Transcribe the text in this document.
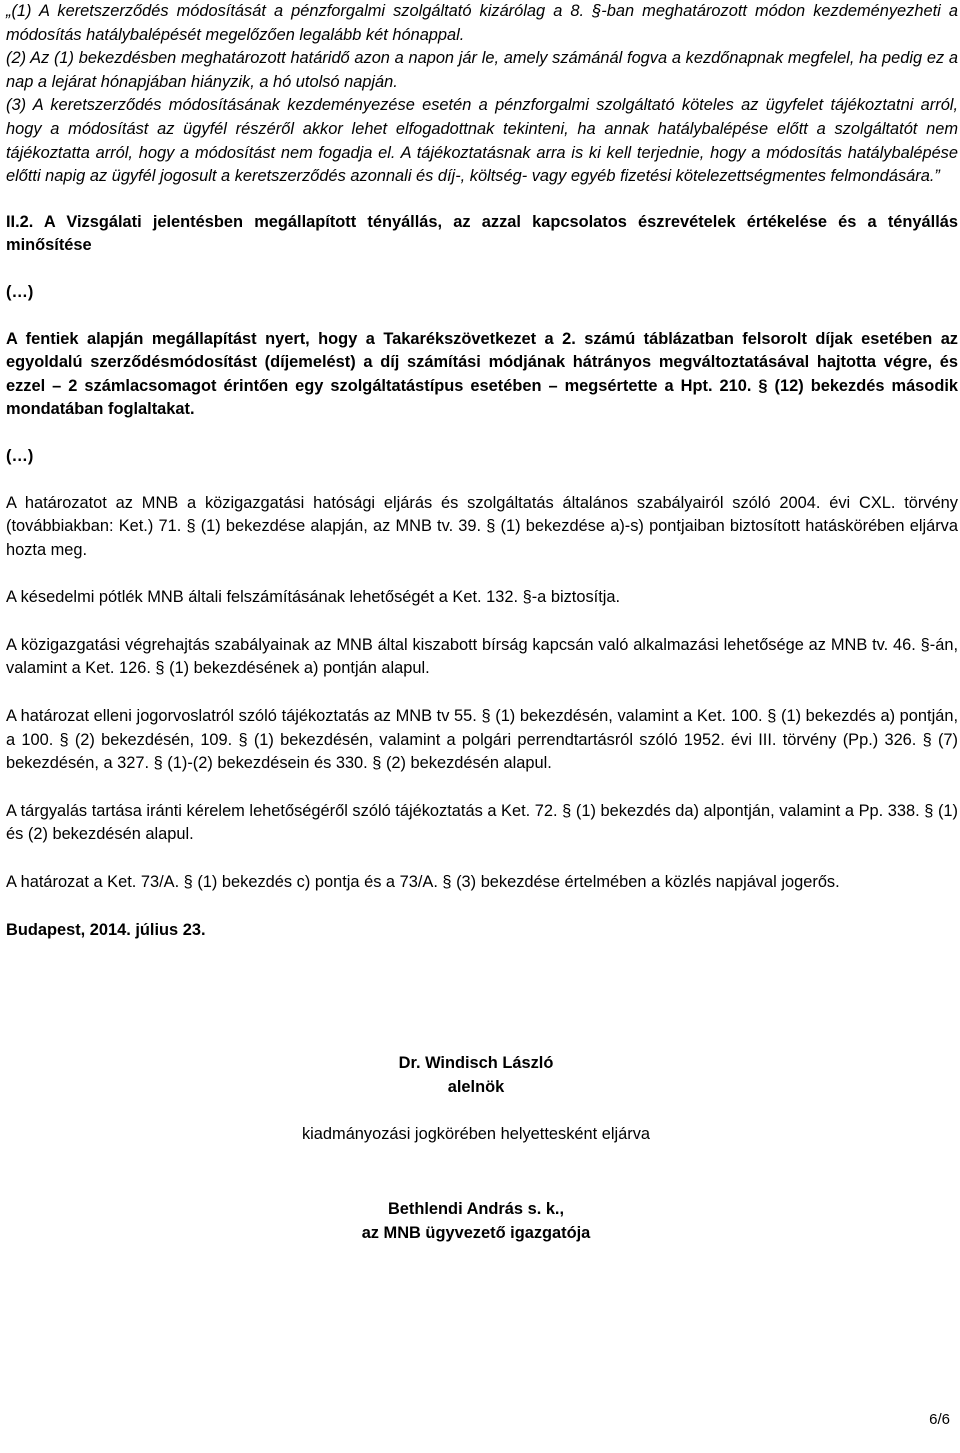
„(1) A keretszerződés módosítását a pénzforgalmi szolgáltató kizárólag a 8. §-ban meghatározott módon kezdeményezheti a módosítás hatálybalépését megelőzően legalább két hónappal.

(2) Az (1) bekezdésben meghatározott határidő azon a napon jár le, amely számánál fogva a kezdőnapnak megfelel, ha pedig ez a nap a lejárat hónapjában hiányzik, a hó utolsó napján.

(3) A keretszerződés módosításának kezdeményezése esetén a pénzforgalmi szolgáltató köteles az ügyfelet tájékoztatni arról, hogy a módosítást az ügyfél részéről akkor lehet elfogadottnak tekinteni, ha annak hatálybalépése előtt a szolgáltatót nem tájékoztatta arról, hogy a módosítást nem fogadja el. A tájékoztatásnak arra is ki kell terjednie, hogy a módosítás hatálybalépése előtti napig az ügyfél jogosult a keretszerződés azonnali és díj-, költség- vagy egyéb fizetési kötelezettségmentes felmondására.”

II.2. A Vizsgálati jelentésben megállapított tényállás, az azzal kapcsolatos észrevételek értékelése és a tényállás minősítése

(…)

A fentiek alapján megállapítást nyert, hogy a Takarékszövetkezet a 2. számú táblázatban felsorolt díjak esetében az egyoldalú szerződésmódosítást (díjemelést) a díj számítási módjának hátrányos megváltoztatásával hajtotta végre, és ezzel – 2 számlacsomagot érintően egy szolgáltatástípus esetében – megsértette a Hpt. 210. § (12) bekezdés második mondatában foglaltakat.

(…)

A határozatot az MNB a közigazgatási hatósági eljárás és szolgáltatás általános szabályairól szóló 2004. évi CXL. törvény (továbbiakban: Ket.) 71. § (1) bekezdése alapján, az MNB tv. 39. § (1) bekezdése a)-s) pontjaiban biztosított hatáskörében eljárva hozta meg.

A késedelmi pótlék MNB általi felszámításának lehetőségét a Ket. 132. §-a biztosítja.

A közigazgatási végrehajtás szabályainak az MNB által kiszabott bírság kapcsán való alkalmazási lehetősége az MNB tv. 46. §-án, valamint a Ket. 126. § (1) bekezdésének a) pontján alapul.

A határozat elleni jogorvoslatról szóló tájékoztatás az MNB tv 55. § (1) bekezdésén, valamint a Ket. 100. § (1) bekezdés a) pontján, a 100. § (2) bekezdésén, 109. § (1) bekezdésén, valamint a polgári perrendtartásról szóló 1952. évi III. törvény (Pp.) 326. § (7) bekezdésén, a 327. § (1)-(2) bekezdésein és 330. § (2) bekezdésén alapul.

A tárgyalás tartása iránti kérelem lehetőségéről szóló tájékoztatás a Ket. 72. § (1) bekezdés da) alpontján, valamint a Pp. 338. § (1) és (2) bekezdésén alapul.

A határozat a Ket. 73/A. § (1) bekezdés c) pontja és a 73/A. § (3) bekezdése értelmében a közlés napjával jogerős.

Budapest, 2014. július 23.

Dr. Windisch László
alelnök
kiadmányozási jogkörében helyettesként eljárva
Bethlendi András s. k.,
az MNB ügyvezető igazgatója
6/6
